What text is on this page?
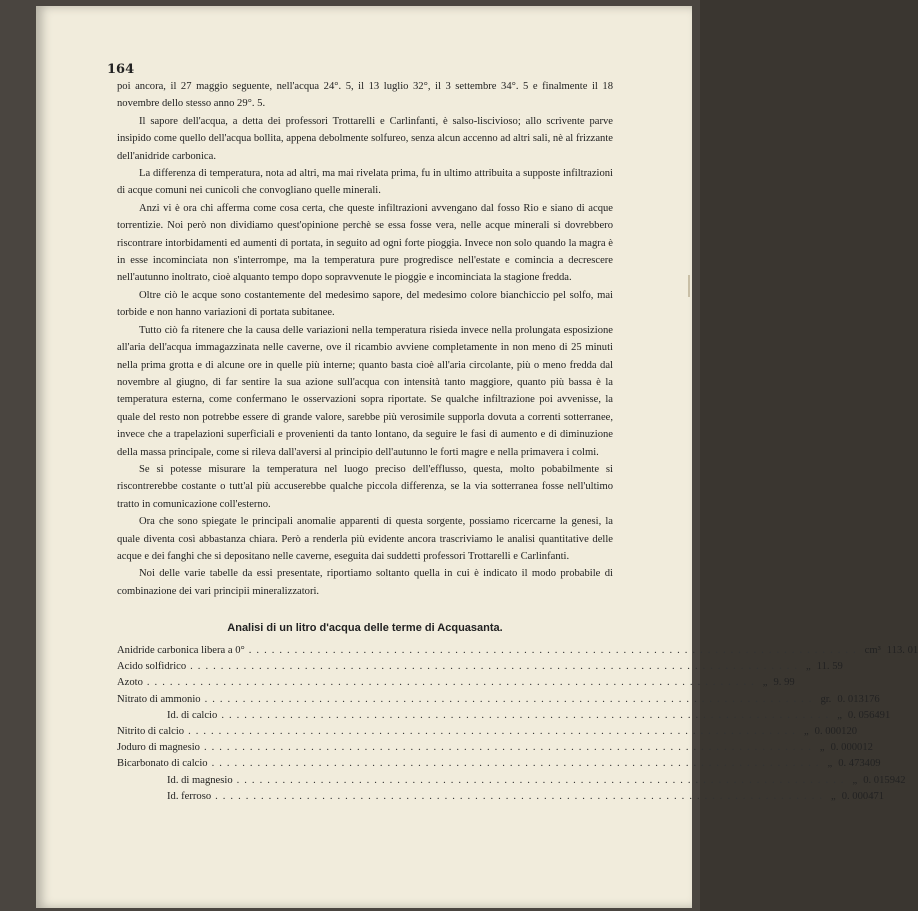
164

poi ancora, il 27 maggio seguente, nell'acqua 24°. 5, il 13 luglio 32°, il 3 settembre 34°. 5 e finalmente il 18 novembre dello stesso anno 29°. 5.

Il sapore dell'acqua, a detta dei professori Trottarelli e Carlinfanti, è salso-liscivioso; allo scrivente parve insipido come quello dell'acqua bollita, appena debolmente solfureo, senza alcun accenno ad altri sali, nè al frizzante dell'anidride carbonica.

La differenza di temperatura, nota ad altri, ma mai rivelata prima, fu in ultimo attribuita a supposte infiltrazioni di acque comuni nei cunicoli che convogliano quelle minerali.

Anzi vi è ora chi afferma come cosa certa, che queste infiltrazioni avvengano dal fosso Rio e siano di acque torrentizie. Noi però non dividiamo quest'opinione perchè se essa fosse vera, nelle acque minerali si dovrebbero riscontrare intorbidamenti ed aumenti di portata, in seguito ad ogni forte pioggia. Invece non solo quando la magra è in esse incominciata non s'interrompe, ma la temperatura pure progredisce nell'estate e comincia a decrescere nell'autunno inoltrato, cioè alquanto tempo dopo sopravvenute le pioggie e incominciata la stagione fredda.

Oltre ciò le acque sono costantemente del medesimo sapore, del medesimo colore bianchiccio pel solfo, mai torbide e non hanno variazioni di portata subitanee.

Tutto ciò fa ritenere che la causa delle variazioni nella temperatura risieda invece nella prolungata esposizione all'aria dell'acqua immagazzinata nelle caverne, ove il ricambio avviene completamente in non meno di 25 minuti nella prima grotta e di alcune ore in quelle più interne; quanto basta cioè all'aria circolante, più o meno fredda dal novembre al giugno, di far sentire la sua azione sull'acqua con intensità tanto maggiore, quanto più bassa è la temperatura esterna, come confermano le osservazioni sopra riportate. Se qualche infiltrazione poi avvenisse, la quale del resto non potrebbe essere di grande valore, sarebbe più verosimile supporla dovuta a correnti sotterranee, invece che a trapelazioni superficiali e provenienti da tanto lontano, da seguire le fasi di aumento e di diminuzione della massa principale, come si rileva dall'aversi al principio dell'autunno le forti magre e nella primavera i colmi.

Se si potesse misurare la temperatura nel luogo preciso dell'efflusso, questa, molto pobabilmente si riscontrerebbe costante o tutt'al più accuserebbe qualche piccola differenza, se la via sotterranea fosse nell'ultimo tratto in comunicazione coll'esterno.

Ora che sono spiegate le principali anomalie apparenti di questa sorgente, possiamo ricercarne la genesi, la quale diventa così abbastanza chiara. Però a renderla più evidente ancora trascriviamo le analisi quantitative delle acque e dei fanghi che si depositano nelle caverne, eseguita dai suddetti professori Trottarelli e Carlinfanti.

Noi delle varie tabelle da essi presentate, riportiamo soltanto quella in cui è indicato il modo probabile di combinazione dei vari principii mineralizzatori.

Analisi di un litro d'acqua delle terme di Acquasanta.
Anidride carbonica libera a 0° ................................................................................ cm³ 113. 01
Acido solfidrico ................................................................................ „ 11. 59
Azoto ................................................................................ „ 9. 99
Nitrato di ammonio ................................................................................ gr. 0. 013176
Id. di calcio ................................................................................ „ 0. 056491
Nitrito di calcio ................................................................................ „ 0. 000120
Joduro di magnesio ................................................................................ „ 0. 000012
Bicarbonato di calcio ................................................................................ „ 0. 473409
Id. di magnesio ................................................................................ „ 0. 015942
Id. ferroso ................................................................................ „ 0. 000471
